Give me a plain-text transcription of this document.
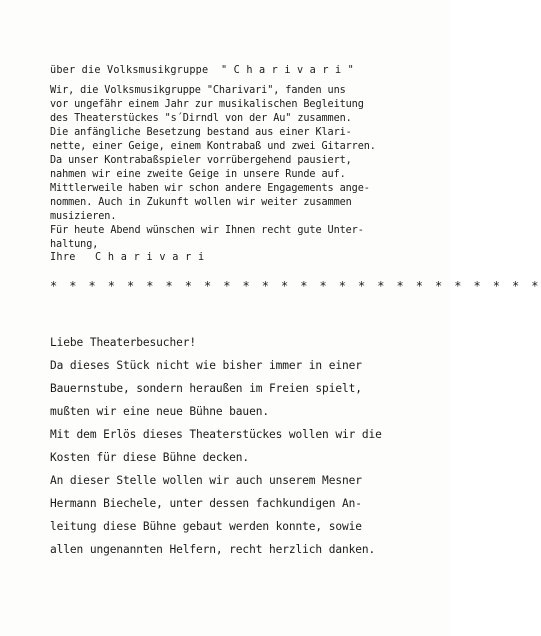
über die Volksmusikgruppe  " C h a r i v a r i "
Wir, die Volksmusikgruppe "Charivari", fanden uns
vor ungefähr einem Jahr zur musikalischen Begleitung
des Theaterstückes "s´Dirndl von der Au" zusammen.
Die anfängliche Besetzung bestand aus einer Klari-
nette, einer Geige, einem Kontrabaß und zwei Gitarren.
Da unser Kontrabaßspieler vorrübergehend pausiert,
nahmen wir eine zweite Geige in unsere Runde auf.
Mittlerweile haben wir schon andere Engagements ange-
nommen. Auch in Zukunft wollen wir weiter zusammen
musizieren.
Für heute Abend wünschen wir Ihnen recht gute Unter-
haltung,
Ihre   C h a r i v a r i
* * * * * * * * * * * * * * * * * * * * * * * * * *
Liebe Theaterbesucher!
Da dieses Stück nicht wie bisher immer in einer
Bauernstube, sondern heraußen im Freien spielt,
mußten wir eine neue Bühne bauen.
Mit dem Erlös dieses Theaterstückes wollen wir die
Kosten für diese Bühne decken.
An dieser Stelle wollen wir auch unserem Mesner
Hermann Biechele, unter dessen fachkundigen An-
leitung diese Bühne gebaut werden konnte, sowie
allen ungenannten Helfern, recht herzlich danken.
